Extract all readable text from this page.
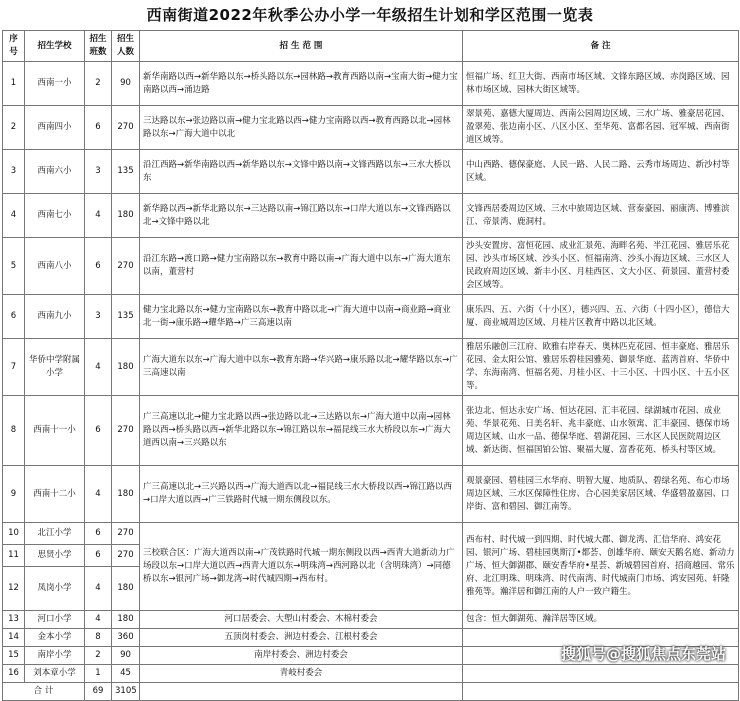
西南街道2022年秋季公办小学一年级招生计划和学区范围一览表
序号	招生学校	招生班数	招生人数	招 生 范 围	备 注
1	西南一小	2	90	新华南路以西→新华路以东→桥头路以东→园林路→教育西路以南→宝南大街→健力宝南路以西→涌边路	恒福广场、红卫大街、西南市场区域、文锋东路区域、赤岗路区域、园林市场区域、园林大街区域等。
2	西南四小	6	270	三达路以东→张边路以南→健力宝北路以西→健力宝南路以西→教育西路以北→园林路以东→广海大道中以北	翠景苑、嘉德大厦周边、西南公园周边区域、三水广场、雅豪居花园、盈翠苑、张边南小区、八区小区、至华苑、富都名园、冠军城、西南街道区域等。
3	西南六小	3	135	沿江西路→新华南路以西→新华路以东→文锋中路以南→文锋西路以东→三水大桥以东	中山西路、德保豪庭、人民一路、人民二路、云秀市场周边、新沙村等区域。
4	西南七小	4	180	新华路以西→新华北路以东→三达路以南→锦江路以东→口岸大道以东→文锋西路以北→文锋中路以北	文锋西居委周边区域、三水中旅周边区域、营泰豪园、丽康湾、博雅滨江、帝景湾、鹿洞村。
5	西南八小	6	270	沿江东路→渡口路→健力宝南路以东→教育中路以南→广海大道中以东→广海大道东以南，董营村	沙头安置房、富恒花园、成业汇景苑、海畔名苑、半江花园、雅居乐花园、沙头市场区域、沙头小区、恒福南湾、沙头小海边区域、三水区人民政府周边区域、新丰小区、月桂西区、文大小区、荷景园、董营村委会区域等。
6	西南九小	3	135	健力宝北路以东→健力宝南路以东→教育中路以北→广海大道中以南→商业路→商业北一街→康乐路→耀华路→广三高速以南	康乐四、五、六街（十小区），德兴四、五、六街（十四小区），德信大厦、商业城周边区域、月桂片区教育中路以北区域。
7	华侨中学附属小学	4	180	广海大道东以东→广海大道中以东→教育东路→华兴路→康乐路以北→耀华路以东→广三高速以南	雅居乐融创三江府、欧雅右岸春天、奥林匹克花园、恒丰豪庭、雅居乐花园、金太阳公馆、雅居乐碧桂园雅苑、御景华庭、蓝湾首府、华侨中学、东海南湾、恒福名苑、月桂小区、十三小区、十四小区、十五小区等。
8	西南十一小	6	270	广三高速以北→健力宝北路以西→张边路以北→三达路以东→广海大道中以南→园林路以西→桥头路以西→新华北路以东→锦江路以东→福昆线三水大桥段以东→广海大道西以南→三兴路以东	张边北、恒达永安广场、恒达花园、汇丰花园、绿湖城市花园、成业苑、华景花苑、日美名轩、兆丰豪庭、山水领寓、汇丰豪园、德保市场周边区域、山水一品、德保华庭、碧湖花园、三水区人民医院周边区域、新达街、恒福国铂公馆、聚福大厦、富香花苑、桥头村等区域。
9	西南十二小	4	180	广三高速以北→三兴路以西→广海大道西以北→福昆线三水大桥段以西→锦江路以西→口岸大道以西→广三铁路时代城一期东侧段以东。	观景豪园、碧桂园三水华府、明智大厦、地质队、碧绿名苑、布心市场周边区域、三水区保障性住房、合心园美家居区域、华盛碧盈嘉园、口岸街、富和碧园、御江南等。
10	北江小学	6	270	三校联合区：广海大道西以南→广茂铁路时代城一期东侧段以西→西青大道新动力广场段以东→口岸大道以西→西青大道以东→明珠湾→西河路以北（含明珠湾）→同德桥以东→银河广场→御龙湾→时代城四期→西布村。	西布村、时代城一到四期、时代城大郡、御龙湾、汇信华府、鸿安花园、银河广场、碧桂园奥斯汀•都荟、创雄华府、颐安天鹅名庭、新动力广场、恒大御湖郡、颐安香华府•星荟、新城碧园首府、招商越园、常乐府、北江明珠、明珠湾、时代南湾、时代城南门市场、鸿安园苑、轩隆雅苑等。瀚洋居和御江南的人户一致户籍生。
11	思贤小学	6	270		
12	凤岗小学	4	180		
13	河口小学	4	180	河口居委会、大塱山村委会、木棉村委会	包含：恒大御湖苑、瀚洋居等区域。
14	金本小学	8	360	五顶岗村委会、洲边村委会、江根村委会	
15	南岸小学	2	90	南岸村委会、洲边村委会	
16	刘本章小学	1	45	青岐村委会	
合 计		69	3105			搜狐号@搜狐焦点东莞站
